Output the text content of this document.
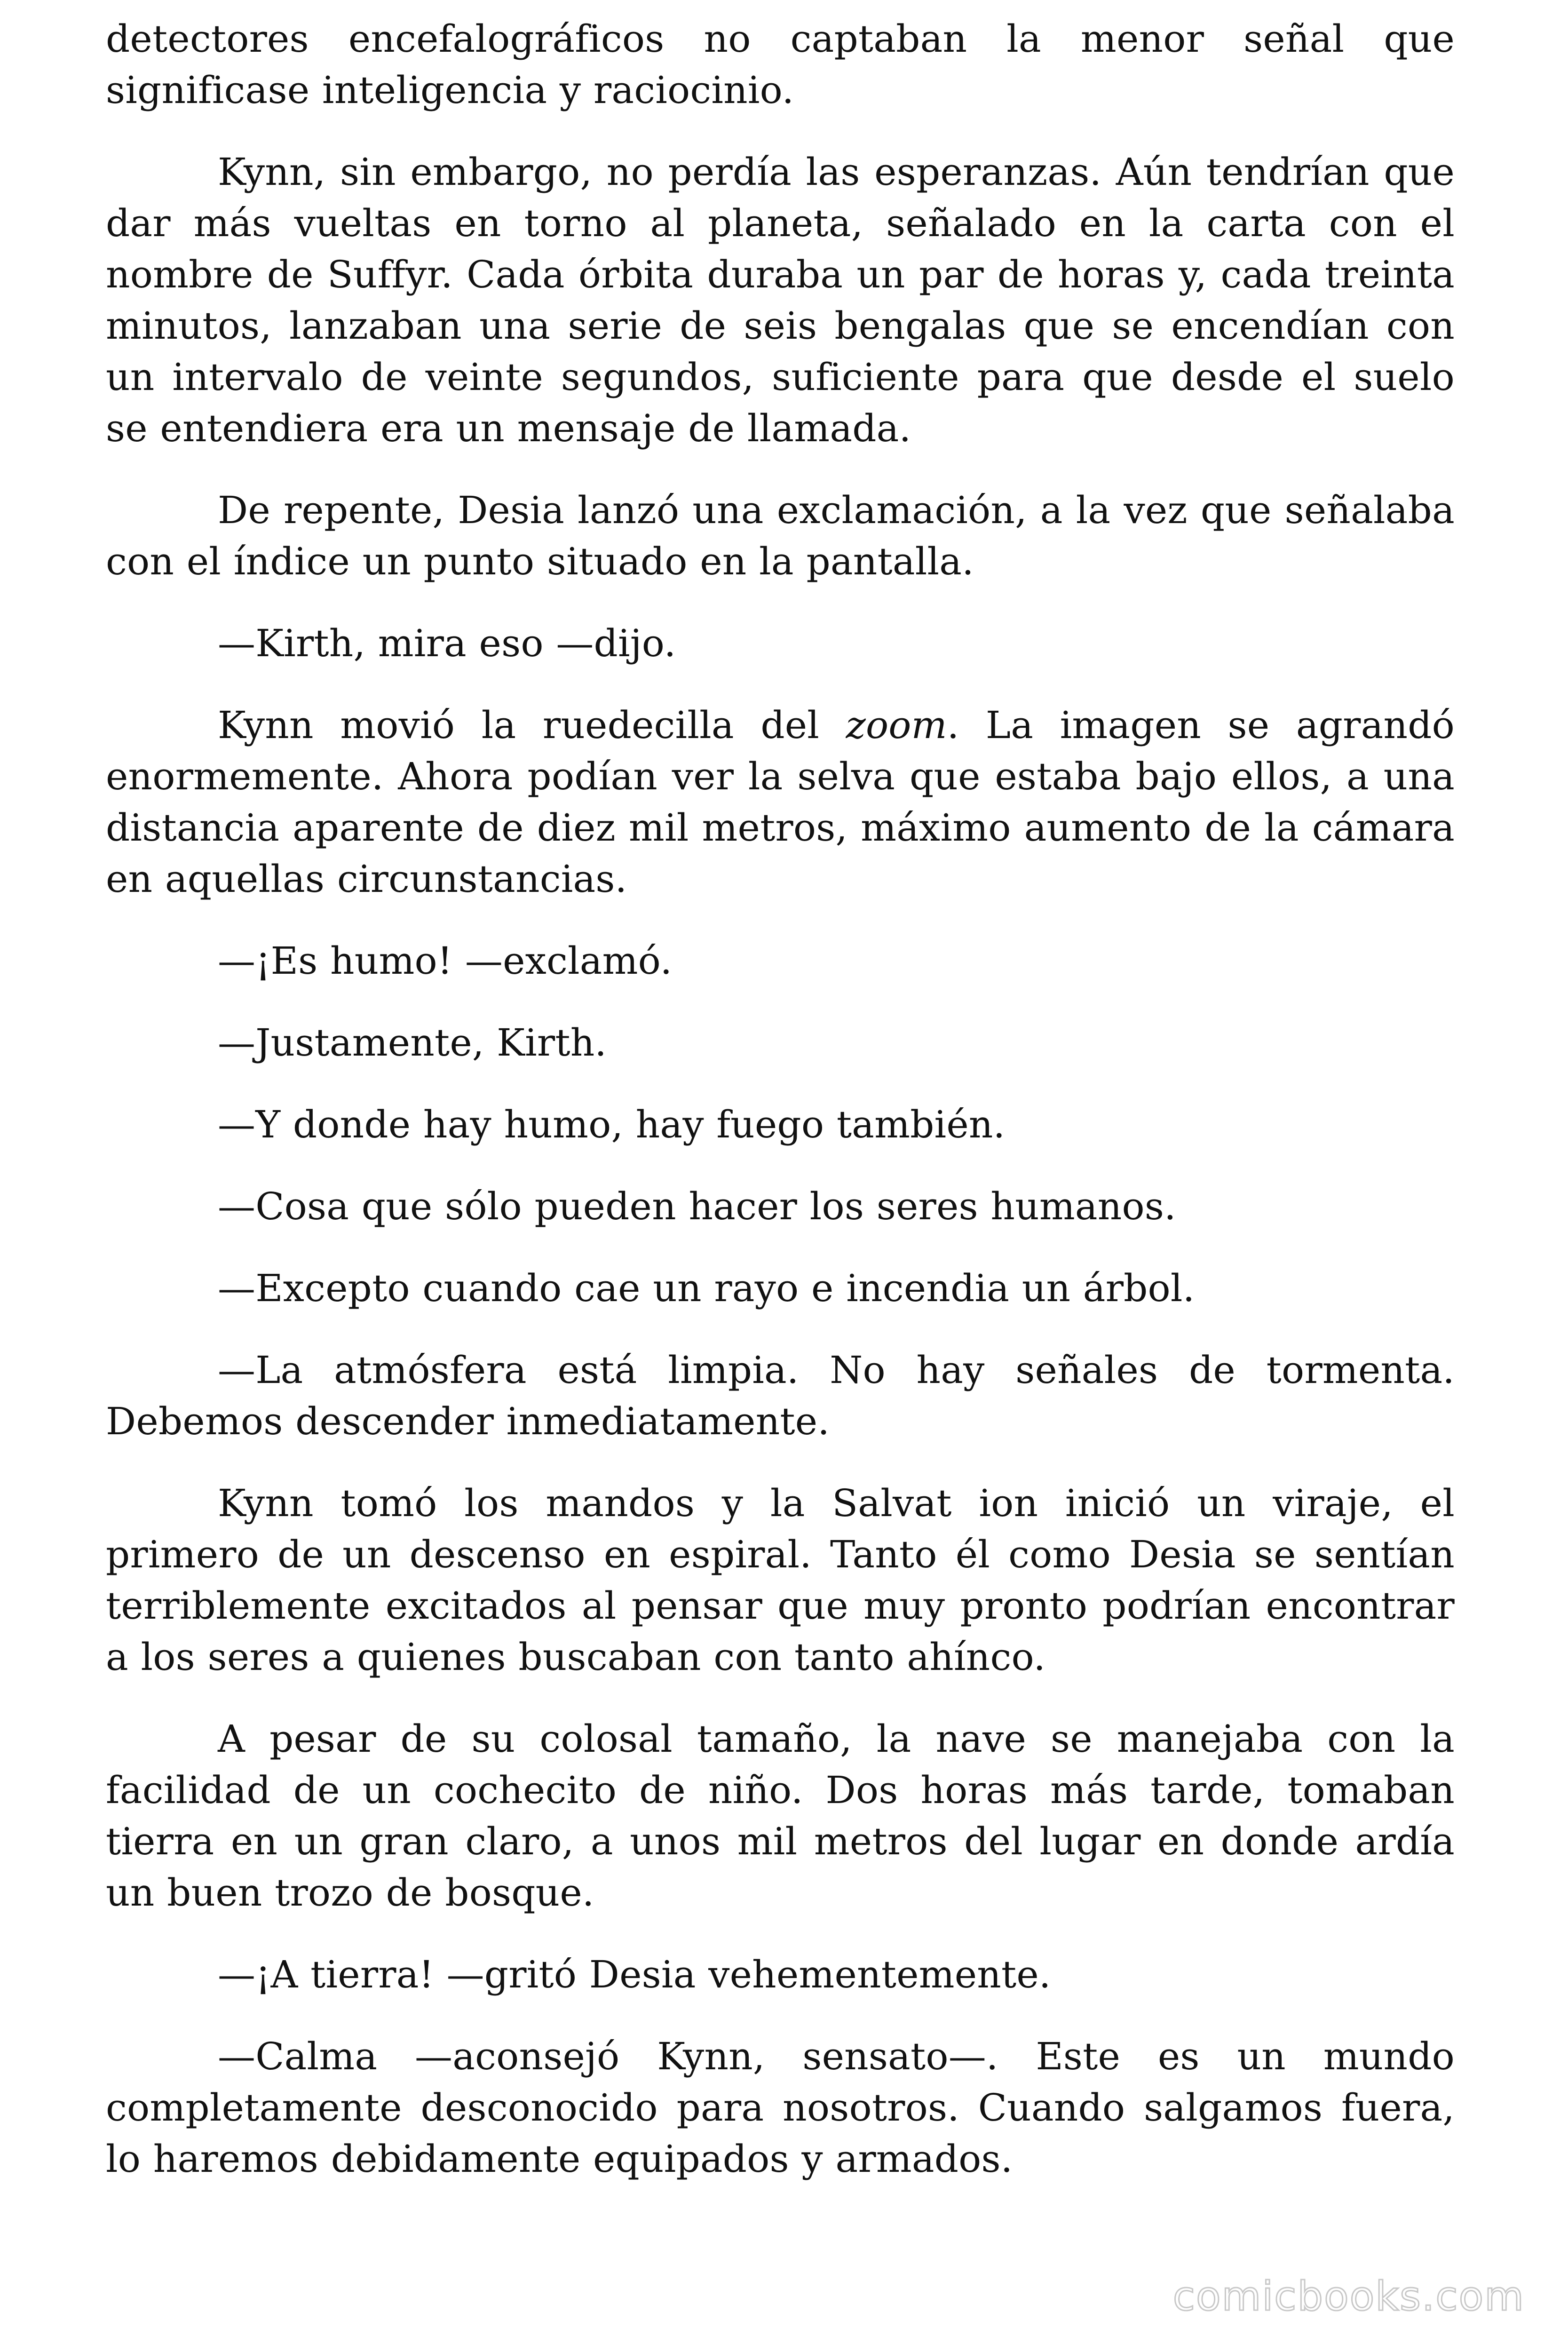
detectores encefalográficos no captaban la menor señal que significase inteligencia y raciocinio.

Kynn, sin embargo, no perdía las esperanzas. Aún tendrían que dar más vueltas en torno al planeta, señalado en la carta con el nombre de Suffyr. Cada órbita duraba un par de horas y, cada treinta minutos, lanzaban una serie de seis bengalas que se encendían con un intervalo de veinte segundos, suficiente para que desde el suelo se entendiera era un mensaje de llamada.

De repente, Desia lanzó una exclamación, a la vez que señalaba con el índice un punto situado en la pantalla.

—Kirth, mira eso —dijo.

Kynn movió la ruedecilla del zoom. La imagen se agrandó enormemente. Ahora podían ver la selva que estaba bajo ellos, a una distancia aparente de diez mil metros, máximo aumento de la cámara en aquellas circunstancias.

—¡Es humo! —exclamó.

—Justamente, Kirth.

—Y donde hay humo, hay fuego también.

—Cosa que sólo pueden hacer los seres humanos.

—Excepto cuando cae un rayo e incendia un árbol.

—La atmósfera está limpia. No hay señales de tormenta. Debemos descender inmediatamente.

Kynn tomó los mandos y la Salvat ion inició un viraje, el primero de un descenso en espiral. Tanto él como Desia se sentían terriblemente excitados al pensar que muy pronto podrían encontrar a los seres a quienes buscaban con tanto ahínco.

A pesar de su colosal tamaño, la nave se manejaba con la facilidad de un cochecito de niño. Dos horas más tarde, tomaban tierra en un gran claro, a unos mil metros del lugar en donde ardía un buen trozo de bosque.

—¡A tierra! —gritó Desia vehementemente.

—Calma —aconsejó Kynn, sensato—. Este es un mundo completamente desconocido para nosotros. Cuando salgamos fuera, lo haremos debidamente equipados y armados.

comicbooks.com
